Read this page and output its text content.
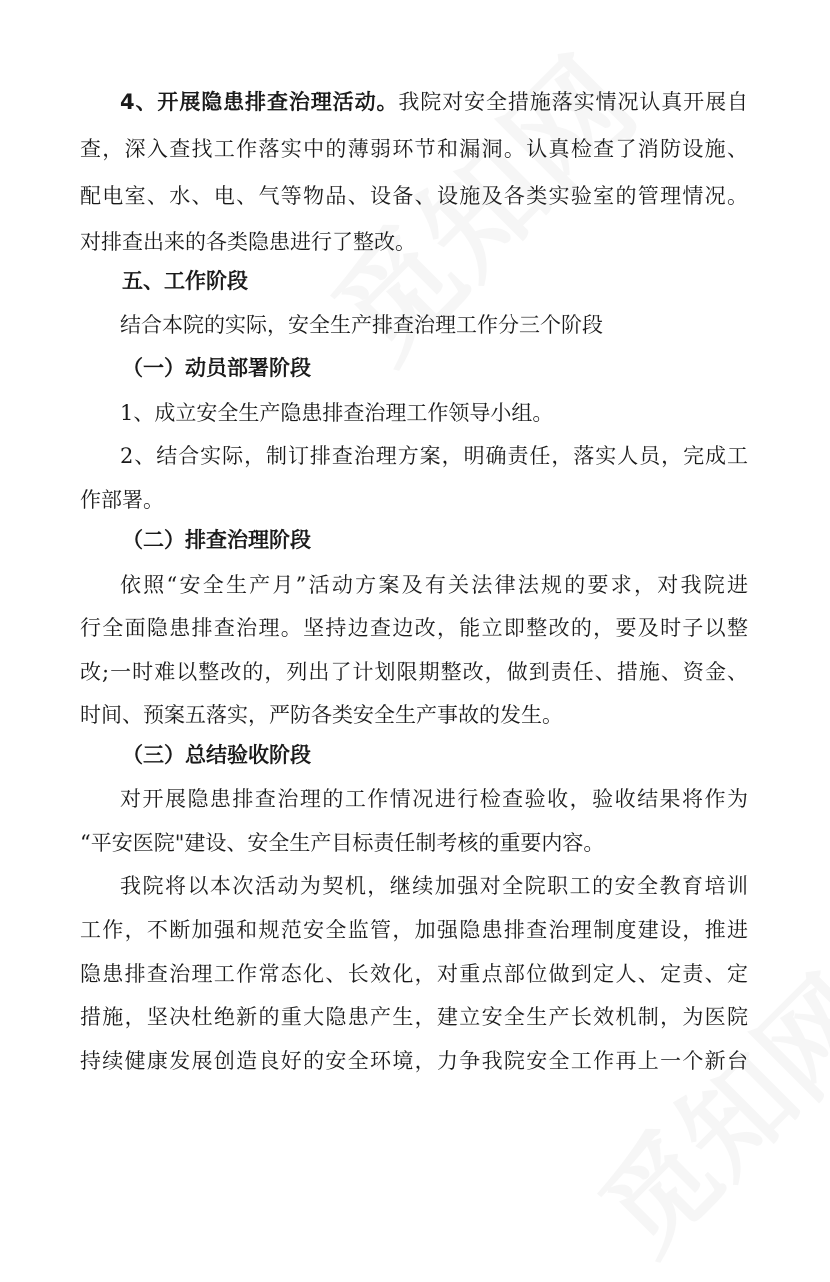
4、开展隐患排查治理活动。我院对安全措施落实情况认真开展自
查，深入查找工作落实中的薄弱环节和漏洞。认真检查了消防设施、
配电室、水、电、气等物品、设备、设施及各类实验室的管理情况。
对排查出来的各类隐患进行了整改。
五、工作阶段
结合本院的实际，安全生产排查治理工作分三个阶段
（一）动员部署阶段
1、成立安全生产隐患排查治理工作领导小组。
2、结合实际，制订排查治理方案，明确责任，落实人员，完成工
作部署。
（二）排查治理阶段
依照“安全生产月”活动方案及有关法律法规的要求，对我院进
行全面隐患排查治理。坚持边查边改，能立即整改的，要及时子以整
改;一时难以整改的，列出了计划限期整改，做到责任、措施、资金、
时间、预案五落实，严防各类安全生产事故的发生。
（三）总结验收阶段
对开展隐患排查治理的工作情况进行检查验收，验收结果将作为
“平安医院"建设、安全生产目标责任制考核的重要内容。
我院将以本次活动为契机，继续加强对全院职工的安全教育培训
工作，不断加强和规范安全监管，加强隐患排查治理制度建设，推进
隐患排查治理工作常态化、长效化，对重点部位做到定人、定责、定
措施，坚决杜绝新的重大隐患产生，建立安全生产长效机制，为医院
持续健康发展创造良好的安全环境，力争我院安全工作再上一个新台
